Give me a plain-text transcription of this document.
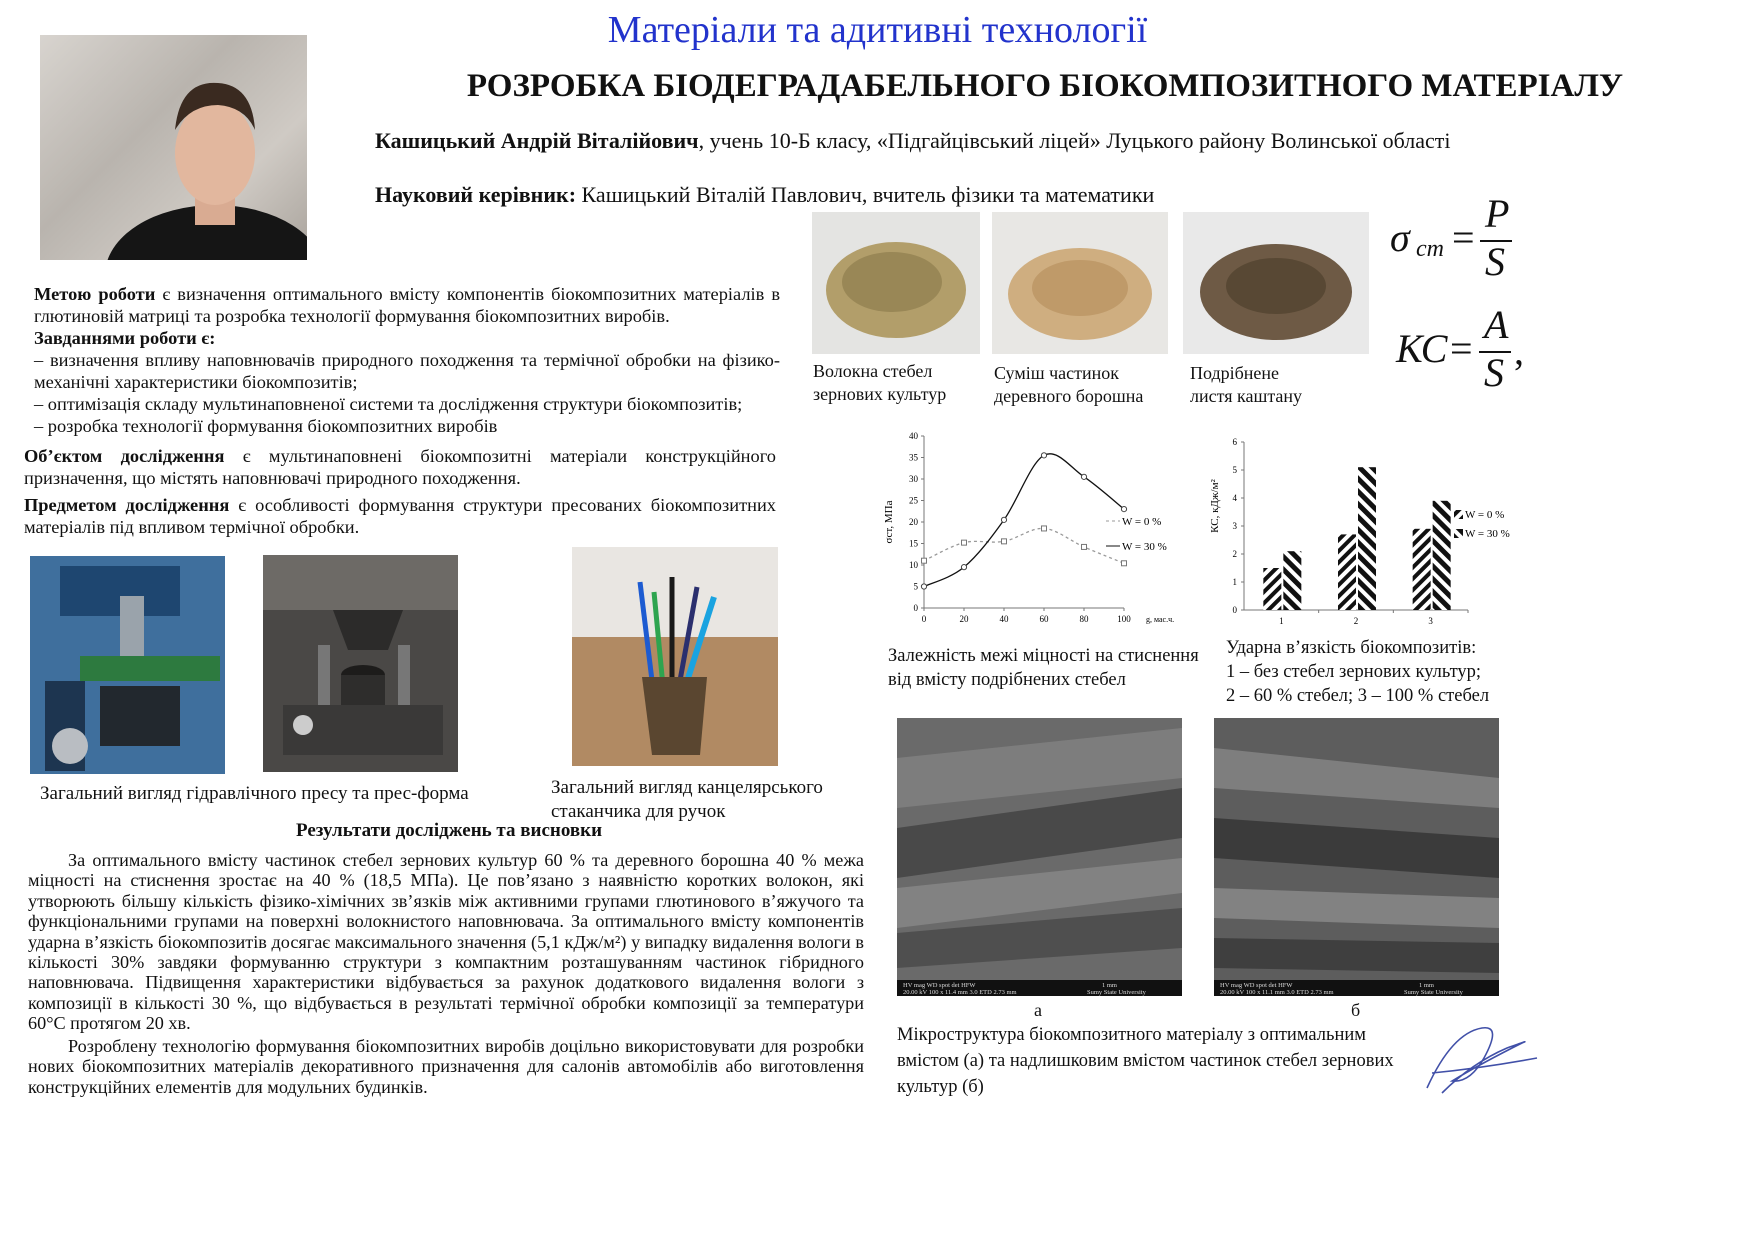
Матеріали та адитивні технології
РОЗРОБКА БІОДЕГРАДАБЕЛЬНОГО БІОКОМПОЗИТНОГО МАТЕРІАЛУ
Кашицький Андрій Віталійович, учень 10-Б класу, «Підгайцівський ліцей» Луцького району Волинської області
Науковий керівник: Кашицький Віталій Павлович, вчитель фізики та математики
Метою роботи є визначення оптимального вмісту компонентів біокомпозитних матеріалів в глютиновій матриці та розробка технології формування біокомпозитних виробів.
Завданнями роботи є:
– визначення впливу наповнювачів природного походження та термічної обробки на фізико-механічні характеристики біокомпозитів;
– оптимізація складу мультинаповненої системи та дослідження структури біокомпозитів;
– розробка технології формування біокомпозитних виробів
Об’єктом дослідження є мультинаповнені біокомпозитні матеріали конструкційного призначення, що містять наповнювачі природного походження.
Предметом дослідження є особливості формування структури пресованих біокомпозитних матеріалів під впливом термічної обробки.
Загальний вигляд гідравлічного пресу та прес-форма	Загальний вигляд канцелярського
стаканчика для ручок
Результати досліджень та висновки
За оптимального вмісту частинок стебел зернових культур 60 % та деревного борошна 40 % межа міцності на стиснення зростає на 40 % (18,5 МПа). Це пов’язано з наявністю коротких волокон, які утворюють більшу кількість фізико-хімічних зв’язків між активними групами глютинового в’яжучого та функціональними групами на поверхні волокнистого наповнювача. За оптимального вмісту компонентів ударна в’язкість біокомпозитів досягає максимального значення (5,1 кДж/м²) у випадку видалення вологи в кількості 30% завдяки формуванню структури з компактним розташуванням частинок гібридного наповнювача. Підвищення характеристики відбувається за рахунок додаткового видалення вологи з композиції в кількості 30 %, що відбувається в результаті термічної обробки композиції за температури 60°С протягом 20 хв.
Розроблену технологію формування біокомпозитних виробів доцільно використовувати для розробки нових біокомпозитних матеріалів декоративного призначення для салонів автомобілів або виготовлення конструкційних елементів для модульних будинків.
Волокна стебел
зернових культур
Суміш частинок
деревного борошна
Подрібнене
листя каштану
σ ст =
P
S
КС =
A
S ,
0
5
10
15
20
25
30
35
40
0	20	40	60	80	100 g, мас.ч.
σст, МПа	W = 0 %
W = 30 %
Залежність межі міцності на стиснення
від вмісту подрібнених стебел
0
1
2
3
4
5
6
КС, кДж/м²
1	2	3
W = 0 %
W = 30 %
Ударна в’язкість біокомпозитів:
1 – без стебел зернових культур;
2 – 60 % стебел; 3 – 100 % стебел
HV mag WD spot det HFW
20.00 kV 100 x 11.4 mm 3.0 ETD 2.73 mm
1 mm
Sumy State University
HV mag WD spot det HFW
20.00 kV 100 x 11.1 mm 3.0 ETD 2.73 mm
1 mm
Sumy State University
а	б
Мікроструктура біокомпозитного матеріалу з оптимальним вмістом (а) та надлишковим вмістом частинок стебел зернових культур (б)
